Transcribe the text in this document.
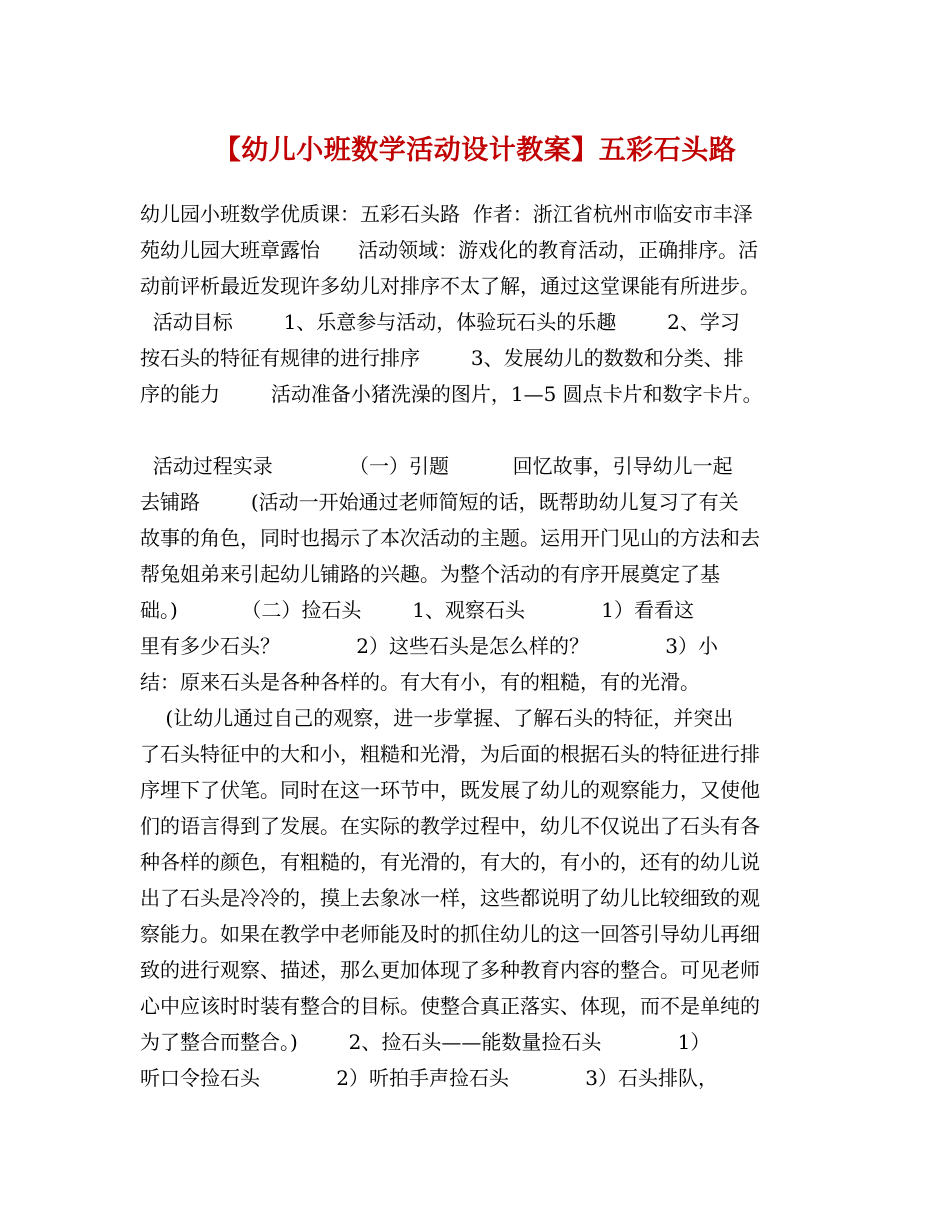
【幼儿小班数学活动设计教案】五彩石头路
幼儿园小班数学优质课：五彩石头路  作者：浙江省杭州市临安市丰泽
苑幼儿园大班章露怡      活动领域：游戏化的教育活动，正确排序。活
动前评析最近发现许多幼儿对排序不太了解，通过这堂课能有所进步。
活动目标        1、乐意参与活动，体验玩石头的乐趣        2、学习
按石头的特征有规律的进行排序        3、发展幼儿的数数和分类、排
序的能力        活动准备小猪洗澡的图片，1—5 圆点卡片和数字卡片。
活动过程实录            （一）引题          回忆故事，引导幼儿一起
去铺路        (活动一开始通过老师简短的话，既帮助幼儿复习了有关
故事的角色，同时也揭示了本次活动的主题。运用开门见山的方法和去
帮兔姐弟来引起幼儿铺路的兴趣。为整个活动的有序开展奠定了基
础。)          （二）捡石头        1、观察石头            1）看看这
里有多少石头？            2）这些石头是怎么样的？            3）小
结：原来石头是各种各样的。有大有小，有的粗糙，有的光滑。
(让幼儿通过自己的观察，进一步掌握、了解石头的特征，并突出
了石头特征中的大和小，粗糙和光滑，为后面的根据石头的特征进行排
序埋下了伏笔。同时在这一环节中，既发展了幼儿的观察能力，又使他
们的语言得到了发展。在实际的教学过程中，幼儿不仅说出了石头有各
种各样的颜色，有粗糙的，有光滑的，有大的，有小的，还有的幼儿说
出了石头是冷冷的，摸上去象冰一样，这些都说明了幼儿比较细致的观
察能力。如果在教学中老师能及时的抓住幼儿的这一回答引导幼儿再细
致的进行观察、描述，那么更加体现了多种教育内容的整合。可见老师
心中应该时时装有整合的目标。使整合真正落实、体现，而不是单纯的
为了整合而整合。)        2、捡石头——能数量捡石头            1）
听口令捡石头            2）听拍手声捡石头            3）石头排队，
